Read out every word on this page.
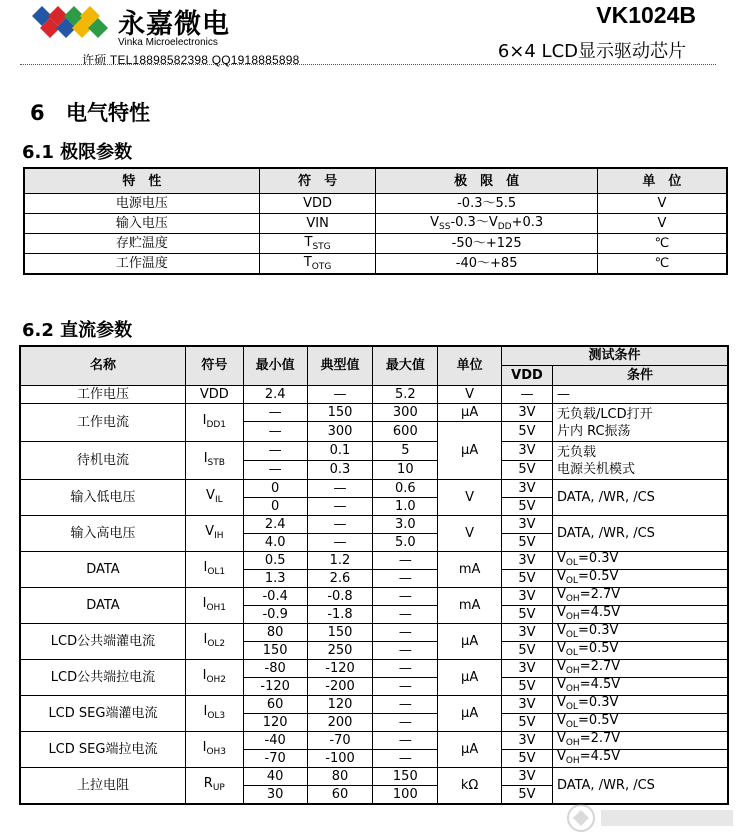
永嘉微电
Vinka Microelectronics
许硕 TEL18898582398 QQ1918885898
VK1024B
6×4 LCD显示驱动芯片
6 电气特性
6.1 极限参数
特　性	符　号	极　限　值	单　位
电源电压	VDD	-0.3～5.5	V
输入电压	VIN	$V_{SS}-0.3\sim V_{DD}+0.3$	V
存贮温度	$T_{STG}$	-50～+125	℃
工作温度	$T_{OTG}$	-40～+85	℃
6.2 直流参数
名称	符号	最小值	典型值	最大值	单位	测试条件	
						VDD	条件
工作电压	VDD	2.4	—	5.2	V	—	—
工作电流	$I_{DD1}$	—	150	300	μA	3V	无负载/LCD打开
片内 RC振荡
		—	300	600	μA	5V	
待机电流	$I_{STB}$	—	0.1	5		3V	无负载
电源关机模式
		—	0.3	10		5V	
输入低电压	$V_{IL}$	0	—	0.6	V	3V	DATA, /WR, /CS
		0	—	1.0		5V	
输入高电压	$V_{IH}$	2.4	—	3.0	V	3V	DATA, /WR, /CS
		4.0	—	5.0		5V	
DATA	$I_{OL1}$	0.5	1.2	—	mA	3V	$V_{OL}=0.3V$
		1.3	2.6	—		5V	$V_{OL}=0.5V$
DATA	$I_{OH1}$	-0.4	-0.8	—	mA	3V	$V_{OH}=2.7V$
		-0.9	-1.8	—		5V	$V_{OH}=4.5V$
LCD公共端灌电流	$I_{OL2}$	80	150	—	μA	3V	$V_{OL}=0.3V$
		150	250	—		5V	$V_{OL}=0.5V$
LCD公共端拉电流	$I_{OH2}$	-80	-120	—	μA	3V	$V_{OH}=2.7V$
		-120	-200	—		5V	$V_{OH}=4.5V$
LCD SEG端灌电流	$I_{OL3}$	60	120	—	μA	3V	$V_{OL}=0.3V$
		120	200	—		5V	$V_{OL}=0.5V$
LCD SEG端拉电流	$I_{OH3}$	-40	-70	—	μA	3V	$V_{OH}=2.7V$
		-70	-100	—		5V	$V_{OH}=4.5V$
上拉电阻	$R_{UP}$	40	80	150	kΩ	3V	DATA, /WR, /CS
		30	60	100		5V	
